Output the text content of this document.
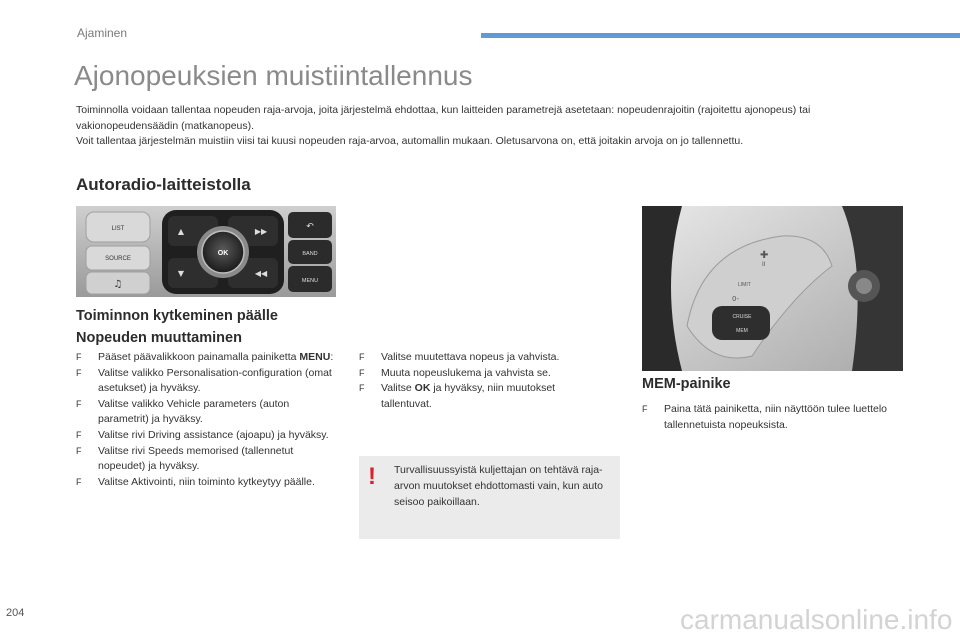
Ajaminen
Ajonopeuksien muistiintallennus

Toiminnolla voidaan tallentaa nopeuden raja-arvoja, joita järjestelmä ehdottaa, kun laitteiden parametrejä asetetaan: nopeudenrajoitin (rajoitettu ajonopeus) tai vakionopeudensäädin (matkanopeus).

Voit tallentaa järjestelmän muistiin viisi tai kuusi nopeuden raja-arvoa, automallin mukaan. Oletusarvona on, että joitakin arvoja on jo tallennettu.

Autoradio-laitteistolla
LIST
SOURCE
♫
▲
▼
▶▶
◀◀
OK
↶
BAND
MENU
Toiminnon kytkeminen päälle
Nopeuden muuttaminen
F Pääset päävalikkoon painamalla painiketta MENU:
F Valitse valikko Personalisation-configuration (omat asetukset) ja hyväksy.
F Valitse valikko Vehicle parameters (auton parametrit) ja hyväksy.
F Valitse rivi Driving assistance (ajoapu) ja hyväksy.
F Valitse rivi Speeds memorised (tallennetut nopeudet) ja hyväksy.
F Valitse Aktivointi, niin toiminto kytkeytyy päälle.
F Valitse muutettava nopeus ja vahvista.
F Muuta nopeuslukema ja vahvista se.
F Valitse OK ja hyväksy, niin muutokset tallentuvat.
! Turvallisuussyistä kuljettajan on tehtävä raja-arvon muutokset ehdottomasti vain, kun auto seisoo paikoillaan.
✚
0-
LIMIT
CRUISE
MEM
II
MEM-painike
F Paina tätä painiketta, niin näyttöön tulee luettelo tallennetuista nopeuksista.
204	carmanualsonline.info
